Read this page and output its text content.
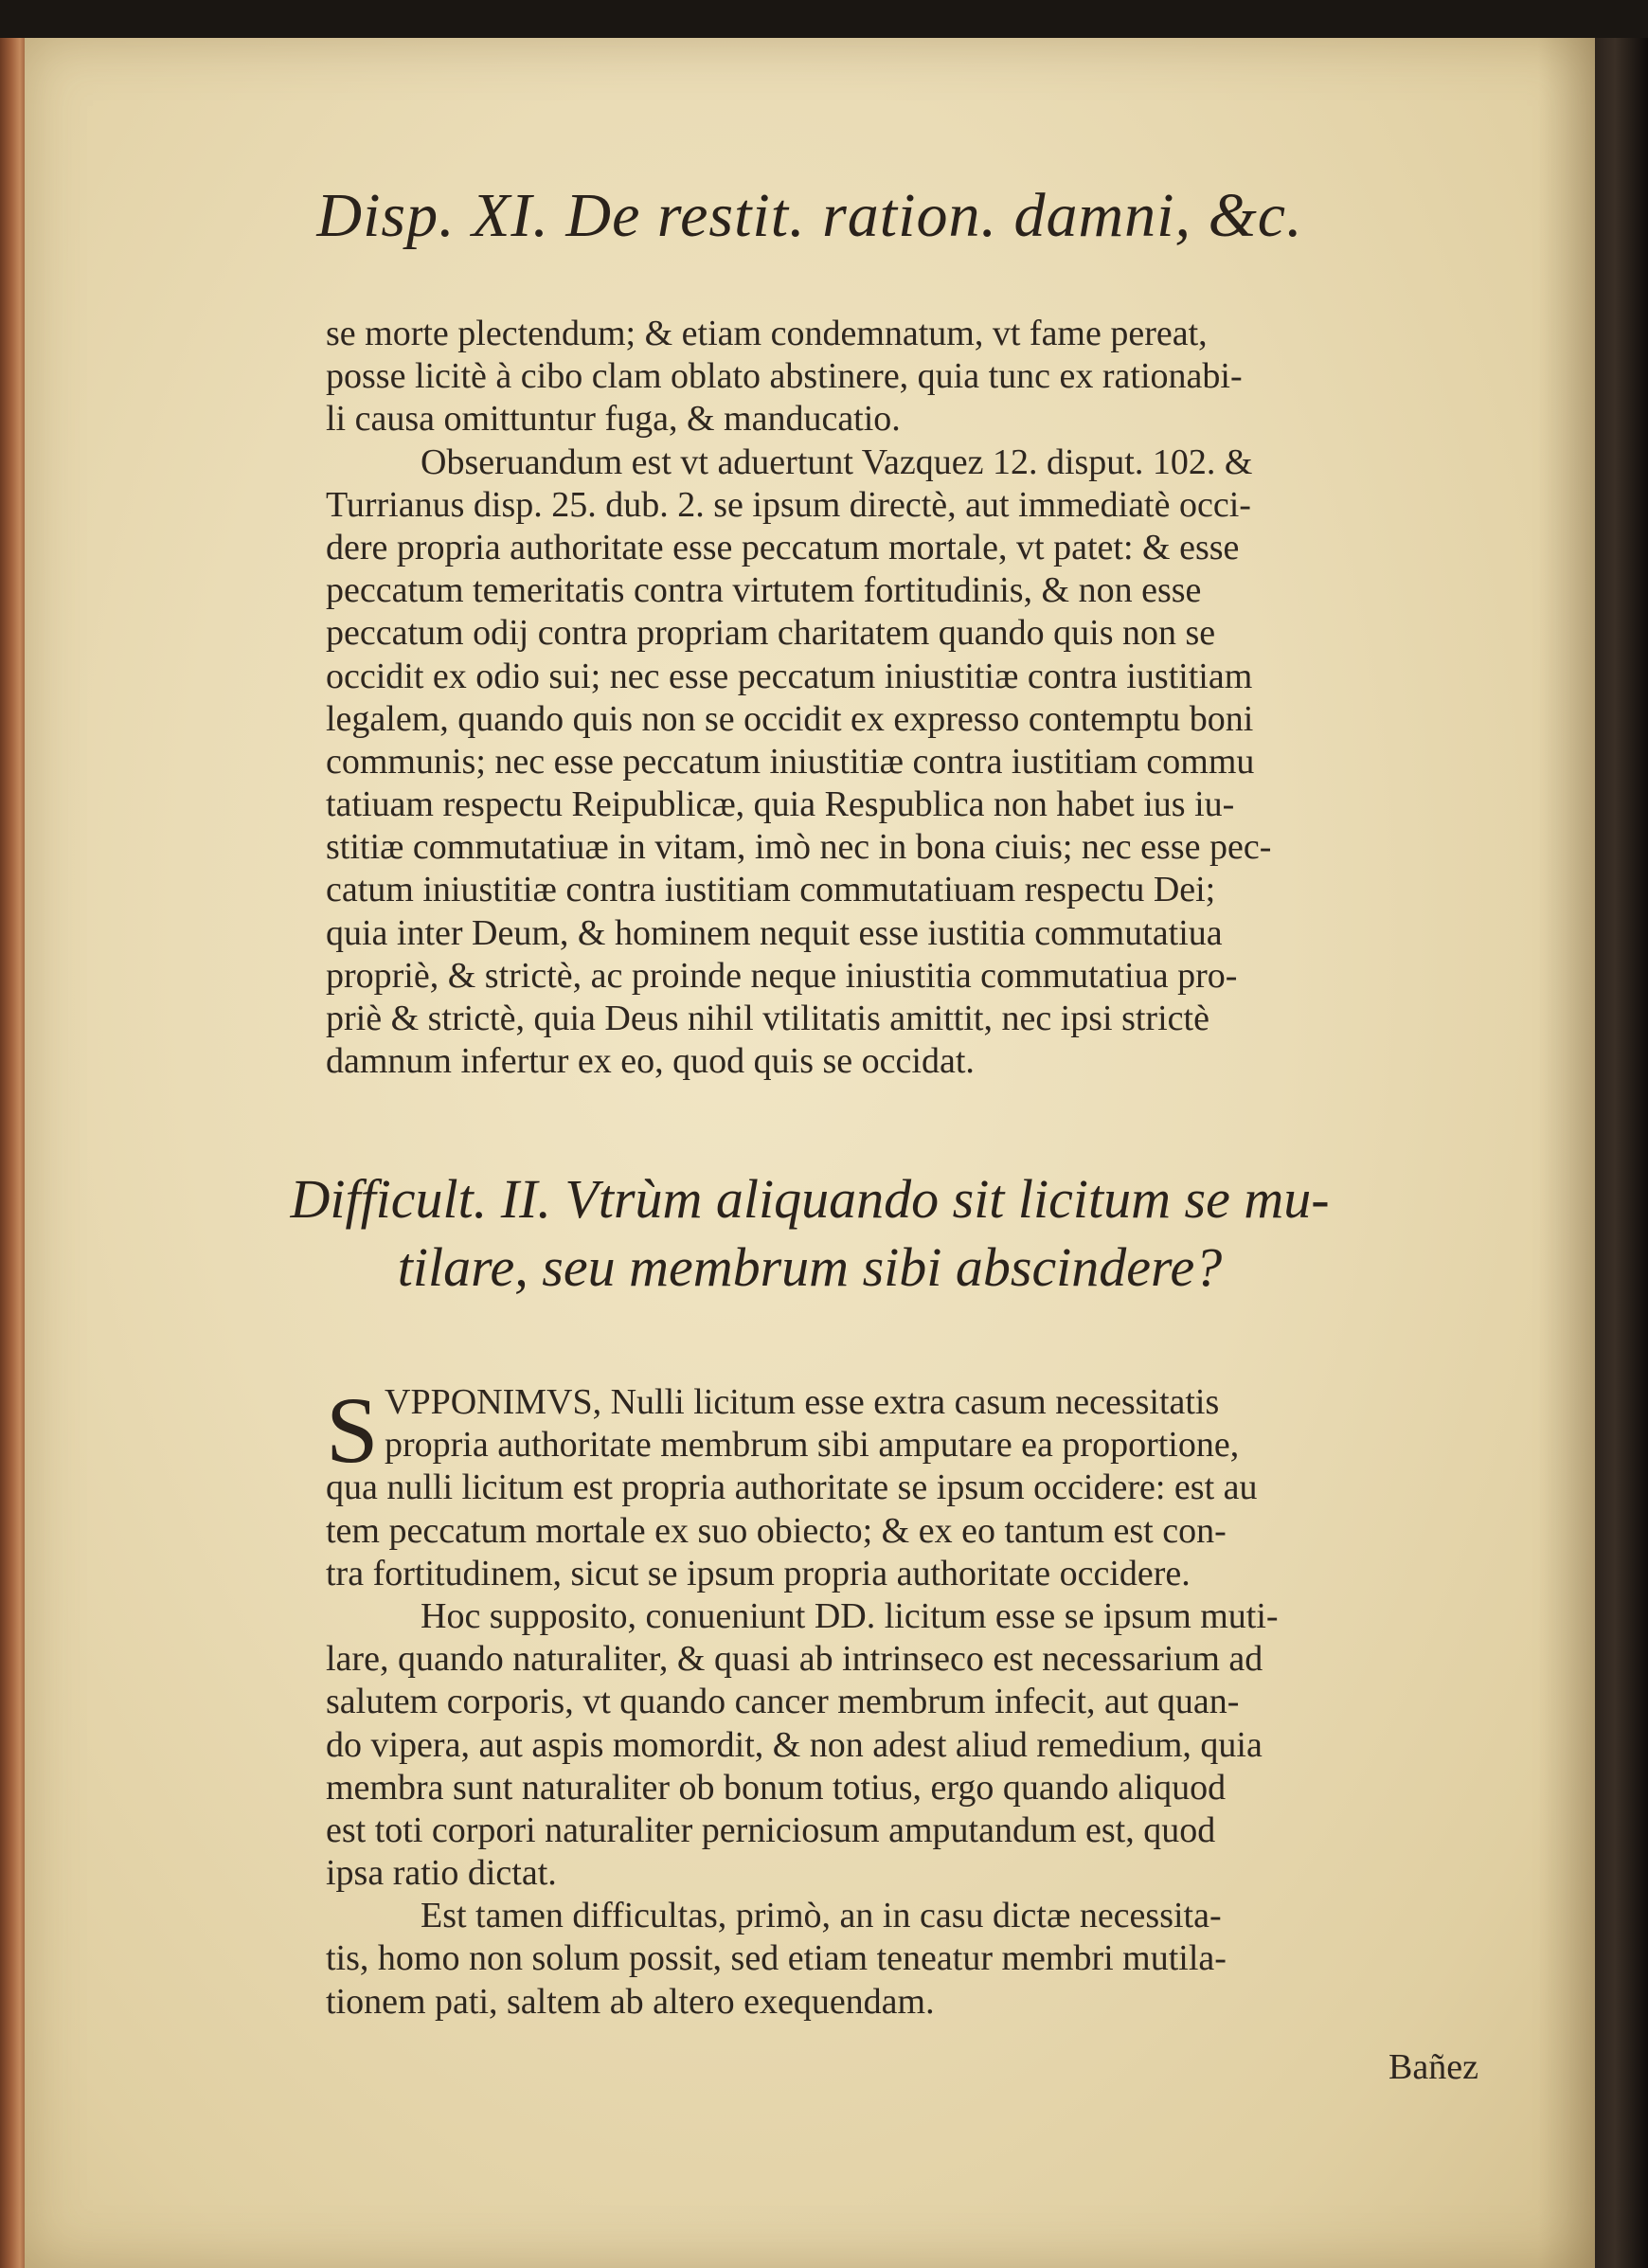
Disp. XI. De restit. ration. damni, &c.
se morte plectendum; & etiam condemnatum, vt fame pereat,
posse licitè à cibo clam oblato abstinere, quia tunc ex rationabi-
li causa omittuntur fuga, & manducatio.
Obseruandum est vt aduertunt Vazquez 12. disput. 102. &
Turrianus disp. 25. dub. 2. se ipsum directè, aut immediatè occi-
dere propria authoritate esse peccatum mortale, vt patet: & esse
peccatum temeritatis contra virtutem fortitudinis, & non esse
peccatum odij contra propriam charitatem quando quis non se
occidit ex odio sui; nec esse peccatum iniustitiæ contra iustitiam
legalem, quando quis non se occidit ex expresso contemptu boni
communis; nec esse peccatum iniustitiæ contra iustitiam commu
tatiuam respectu Reipublicæ, quia Respublica non habet ius iu-
stitiæ commutatiuæ in vitam, imò nec in bona ciuis; nec esse pec-
catum iniustitiæ contra iustitiam commutatiuam respectu Dei;
quia inter Deum, & hominem nequit esse iustitia commutatiua
propriè, & strictè, ac proinde neque iniustitia commutatiua pro-
priè & strictè, quia Deus nihil vtilitatis amittit, nec ipsi strictè
damnum infertur ex eo, quod quis se occidat.
Difficult. II. Vtrùm aliquando sit licitum se mu-
tilare, seu membrum sibi abscindere?
S VPPONIMVS, Nulli licitum esse extra casum necessitatis
propria authoritate membrum sibi amputare ea proportione,
qua nulli licitum est propria authoritate se ipsum occidere: est au
tem peccatum mortale ex suo obiecto; & ex eo tantum est con-
tra fortitudinem, sicut se ipsum propria authoritate occidere.
Hoc supposito, conueniunt DD. licitum esse se ipsum muti-
lare, quando naturaliter, & quasi ab intrinseco est necessarium ad
salutem corporis, vt quando cancer membrum infecit, aut quan-
do vipera, aut aspis momordit, & non adest aliud remedium, quia
membra sunt naturaliter ob bonum totius, ergo quando aliquod
est toti corpori naturaliter perniciosum amputandum est, quod
ipsa ratio dictat.
Est tamen difficultas, primò, an in casu dictæ necessita-
tis, homo non solum possit, sed etiam teneatur membri mutila-
tionem pati, saltem ab altero exequendam.
Bañez
